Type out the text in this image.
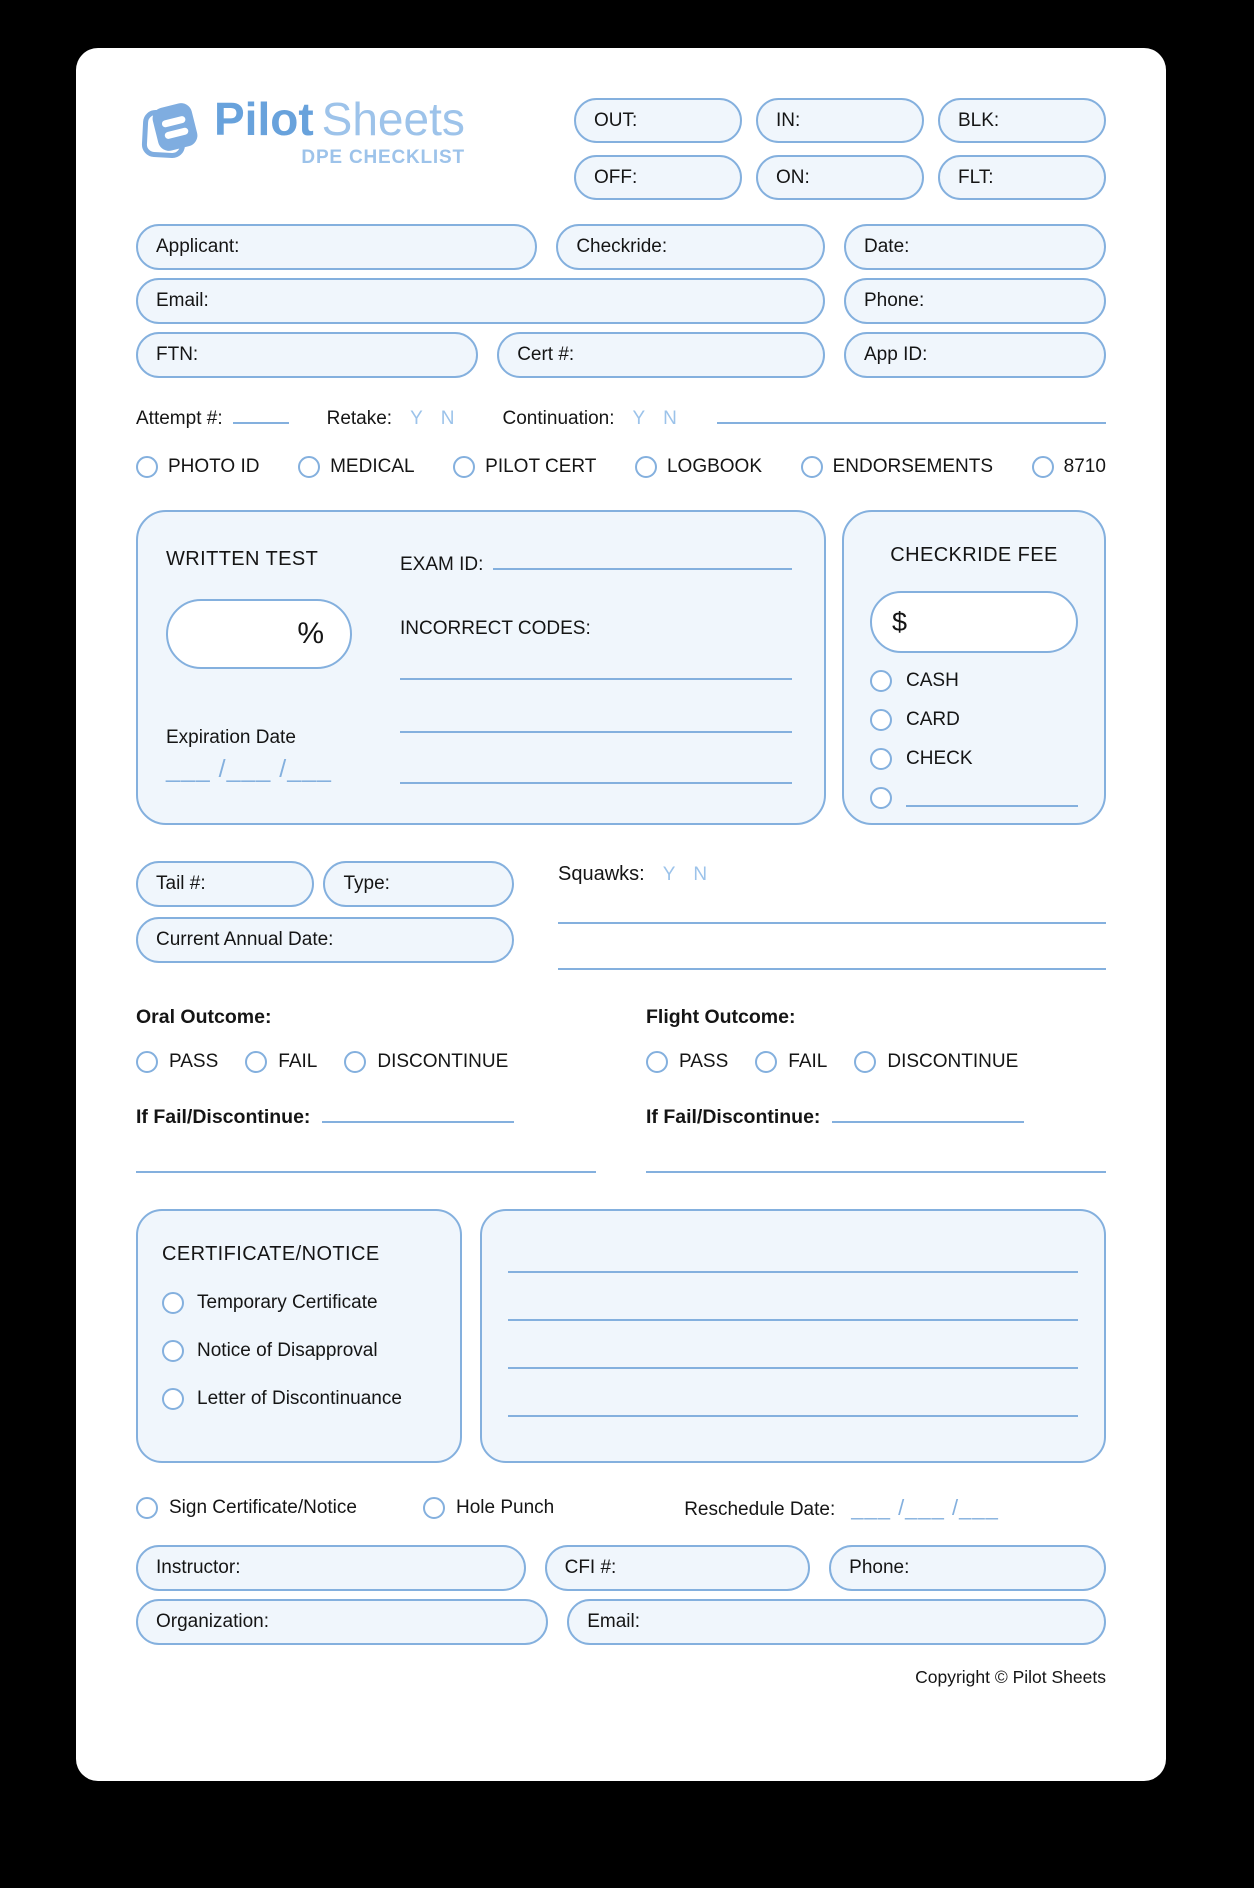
Pilot Sheets
DPE CHECKLIST
OUT:	IN:	BLK:
OFF:	ON:	FLT:
Applicant:	Checkride:	Date:
Email:	Phone:
FTN:	Cert #:	App ID:
Attempt #:	Retake: Y N	Continuation: Y N
PHOTO ID	MEDICAL	PILOT CERT	LOGBOOK	ENDORSEMENTS	8710
WRITTEN TEST
%
Expiration Date
___ /___ /___
EXAM ID:
INCORRECT CODES:
CHECKRIDE FEE
$
CASH
CARD
CHECK
Tail #:	Type:
Current Annual Date:
Squawks: Y N
Oral Outcome:
PASS	FAIL	DISCONTINUE
If Fail/Discontinue:
Flight Outcome:
PASS	FAIL	DISCONTINUE
If Fail/Discontinue:
CERTIFICATE/NOTICE
Temporary Certificate
Notice of Disapproval
Letter of Discontinuance
Sign Certificate/Notice	Hole Punch	Reschedule Date: ___ /___ /___
Instructor:	CFI #:	Phone:
Organization:	Email:
Copyright © Pilot Sheets
